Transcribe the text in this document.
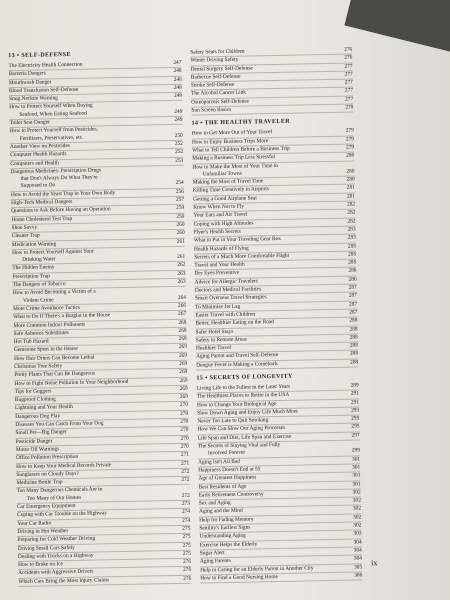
13 • SELF-DEFENSE
The Electricity Health Connection	247
Bacteria Dangers	248
Mouthwash Danger	248
Blood Transfusion Self-Defense	248
Snug Necktie Warning	249
How to Protect Yourself When Buying
Seafood, When Eating Seafood	249
Toilet Seat Danger	249
How to Protect Yourself from Pesticides,
Fertilizers, Preservatives, etc.	250
Another View on Pesticides	252
Computer Health Hazards	252
Computers and Health	253
Dangerous Medicines: Prescription Drugs
that Don't Always Do What They're
Supposed to Do	254
How to Avoid the Yeast Trap in Your Own Body	256
High-Tech Medical Dangers	257
Questions to Ask Before Having an Operation	259
Home Cholesterol Test Trap	259
Shoe Savvy	260
Cleaner Trap	260
Medication Warning	261
How to Protect Yourself Against Your
Drinking Water	261
The Hidden Enemy	262
Prescription Trap	263
The Dangers of Tobacco	263
How to Avoid Becoming a Victim of a
Violent Crime	264
More Crime Avoidance Tactics	266
What to Do If There's a Burglar in the House	267
More Common Indoor Pollutants	268
Safe Asbestos Substitutes	268
Hot Tub Hazard	268
Gemstone Spots in the House	269
How Hair Driers Can Become Lethal	269
Christmas Tree Safety	269
Pretty Plants That Can Be Dangerous	269
How to Fight Noise Pollution In Your Neighborhood	269
Tips for Guggers	269
Bugproof Clothing	269
Lightning and Your Health	270
Dangerous Dog Play	270
Diseases You Can Catch From Your Dog	270
Small Pet—Big Danger	270
Pesticide Danger	270
Motor Oil Warnings	270
Office Pollution Prescription	271
How to Keep Your Medical Records Private	271
Sunglasses on Cloudy Days?	272
Medicine Bottle Trap	272
Too Many Dangerous Chemicals Are in
Too Many of Our Homes	272
Car Emergency Equipment	273
Coping with Car Trouble on the Highway	274
Your Car Radio	274
Driving in Hot Weather	275
Preparing for Cold Weather Driving	275
Driving Small Cars Safely	275
Dealing with Trucks on a Highway	275
How to Brake on Ice	276
Accidents with Aggressive Drivers	276
Which Cars Bring the Most Injury Claims	276
Safety Seats for Children	276
Winter Driving Safety	276
Dental Surgery Self-Defense	277
Barbecue Self-Defense	277
Stroke Self-Defense	277
The Alcohol Cancer Link	277
Osteoporosis Self-Defense	277
Sun Screen Basics	278
14 • THE HEALTHY TRAVELER
How to Get More Out of Your Travel	279
How to Enjoy Business Trips More	279
What to Tell Children Before a Business Trip	279
Making a Business Trip Less Stressful	280
How to Make the Most of Your Time in
Unfamiliar Towns	280
Making the Most of Travel Time	280
Killing Time Creatively in Airports	281
Getting a Good Airplane Seat	281
Know When Not to Fly	282
Your Ears and Air Travel	282
Coping with High Altitudes	282
Flyer's Health Secrets	283
What to Put in Your Traveling Gear Box	283
Health Hazards of Flying	285
Secrets of a Much More Comfortable Flight	285
Travel and Your Health	285
Dry Eyes Preventive	286
Advice for Allergic Travelers	286
Doctors and Medical Facilities	287
Smart Overseas Travel Strategies	287
To Minimize Jet Lag	287
Easier Travel with Children	287
Better, Healthier Eating on the Road	288
Safer Hotel Stays	288
Safety in Remote Areas	288
Healthier Travel	288
Aging Parent and Travel Self-Defense	288
Dengue Fever is Making a Comeback	288
15 • SECRETS OF LONGEVITY
Living Life to the Fullest in the Later Years	289
The Healthiest Places to Retire in the USA	291
How to Change Your Biological Age	291
Slow Down Aging and Enjoy Life Much More	293
Never Too Late to Quit Smoking	295
How We Can Slow Our Aging Processes	295
Life Span and Diet, Life Span and Exercise	297
The Secrets of Staying Vital and Fully
Involved Forever	299
Aging Isn't All Bad	301
Happiness Doesn't End at 55	301
Age of Greatest Happiness	301
Best Residents of Age	301
Early Retirement Controversy	302
Sex and Aging	302
Aging and the Mind	302
Help for Fading Memory	302
Senility's Earliest Signs	302
Understanding Aging	303
Exercise Helps the Elderly	304
Sugar Alert	304
Aging Parents	304
Help in Caring for an Elderly Parent in Another City	305
How to Find a Good Nursing Home	306
ix
